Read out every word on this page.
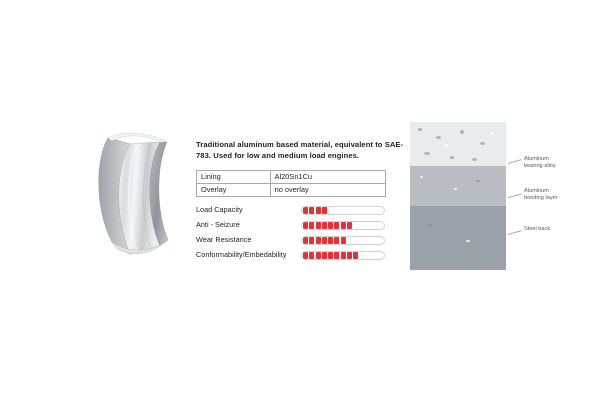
Traditional aluminum based material, equivalent to SAE-783. Used for low and medium load engines.

Lining	Al20Sn1Cu
Overlay	no overlay
Load Capacity
Anti - Seizure
Wear Resistance
Conformability/Embedability
Aluminum
bearing alloy
Aluminum
bonding layer
Steel back
